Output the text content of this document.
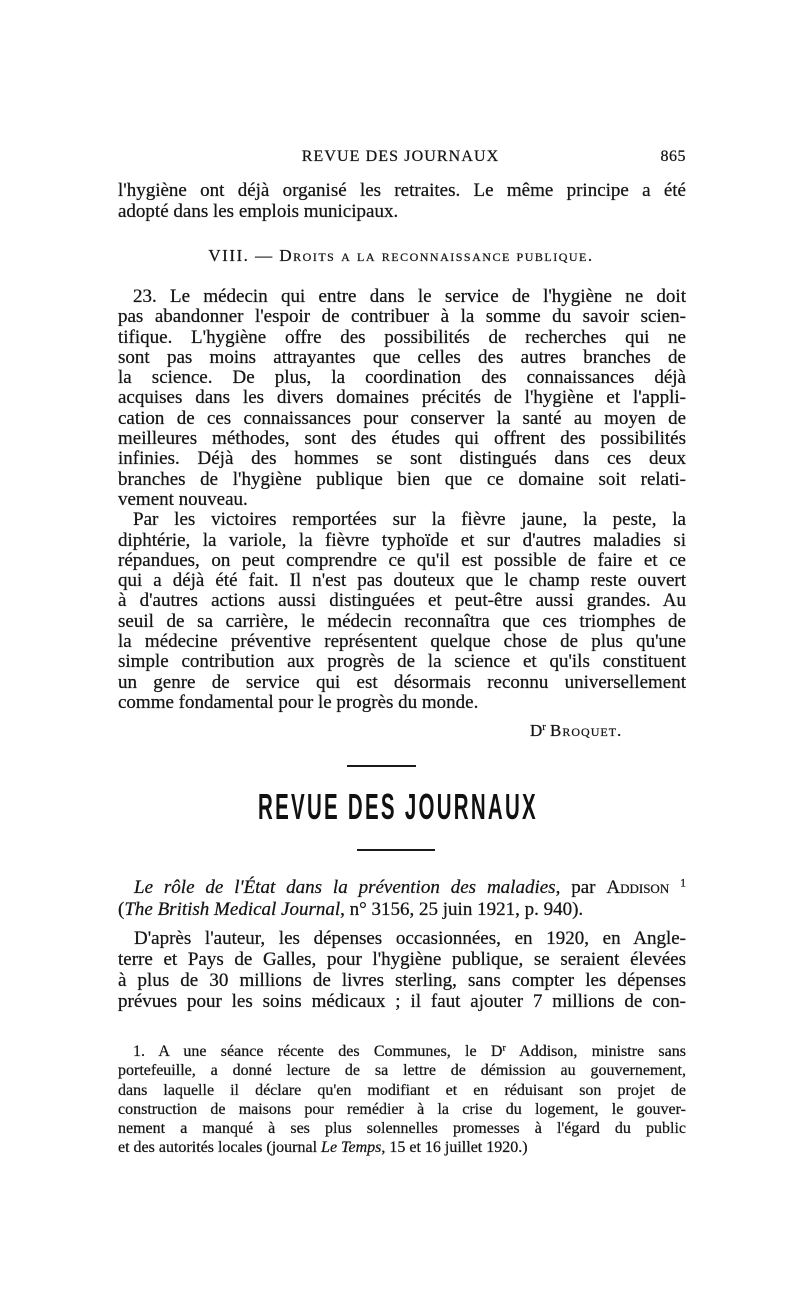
REVUE DES JOURNAUX	865
l'hygiène ont déjà organisé les retraites. Le même principe a été
adopté dans les emplois municipaux.
VIII. — Droits a la reconnaissance publique.
23. Le médecin qui entre dans le service de l'hygiène ne doit
pas abandonner l'espoir de contribuer à la somme du savoir scien-
tifique. L'hygiène offre des possibilités de recherches qui ne
sont pas moins attrayantes que celles des autres branches de
la science. De plus, la coordination des connaissances déjà
acquises dans les divers domaines précités de l'hygiène et l'appli-
cation de ces connaissances pour conserver la santé au moyen de
meilleures méthodes, sont des études qui offrent des possibilités
infinies. Déjà des hommes se sont distingués dans ces deux
branches de l'hygiène publique bien que ce domaine soit relati-
vement nouveau.
Par les victoires remportées sur la fièvre jaune, la peste, la
diphtérie, la variole, la fièvre typhoïde et sur d'autres maladies si
répandues, on peut comprendre ce qu'il est possible de faire et ce
qui a déjà été fait. Il n'est pas douteux que le champ reste ouvert
à d'autres actions aussi distinguées et peut-être aussi grandes. Au
seuil de sa carrière, le médecin reconnaîtra que ces triomphes de
la médecine préventive représentent quelque chose de plus qu'une
simple contribution aux progrès de la science et qu'ils constituent
un genre de service qui est désormais reconnu universellement
comme fondamental pour le progrès du monde.
$D^r$ Broquet.
REVUE DES JOURNAUX
Le rôle de l'État dans la prévention des maladies, par Addison $^1$
(The British Medical Journal, n° 3156, 25 juin 1921, p. 940).
D'après l'auteur, les dépenses occasionnées, en 1920, en Angle-
terre et Pays de Galles, pour l'hygiène publique, se seraient élevées
à plus de 30 millions de livres sterling, sans compter les dépenses
prévues pour les soins médicaux ; il faut ajouter 7 millions de con-
1. A une séance récente des Communes, le $D^r$ Addison, ministre sans
portefeuille, a donné lecture de sa lettre de démission au gouvernement,
dans laquelle il déclare qu'en modifiant et en réduisant son projet de
construction de maisons pour remédier à la crise du logement, le gouver-
nement a manqué à ses plus solennelles promesses à l'égard du public
et des autorités locales (journal Le Temps, 15 et 16 juillet 1920.)
